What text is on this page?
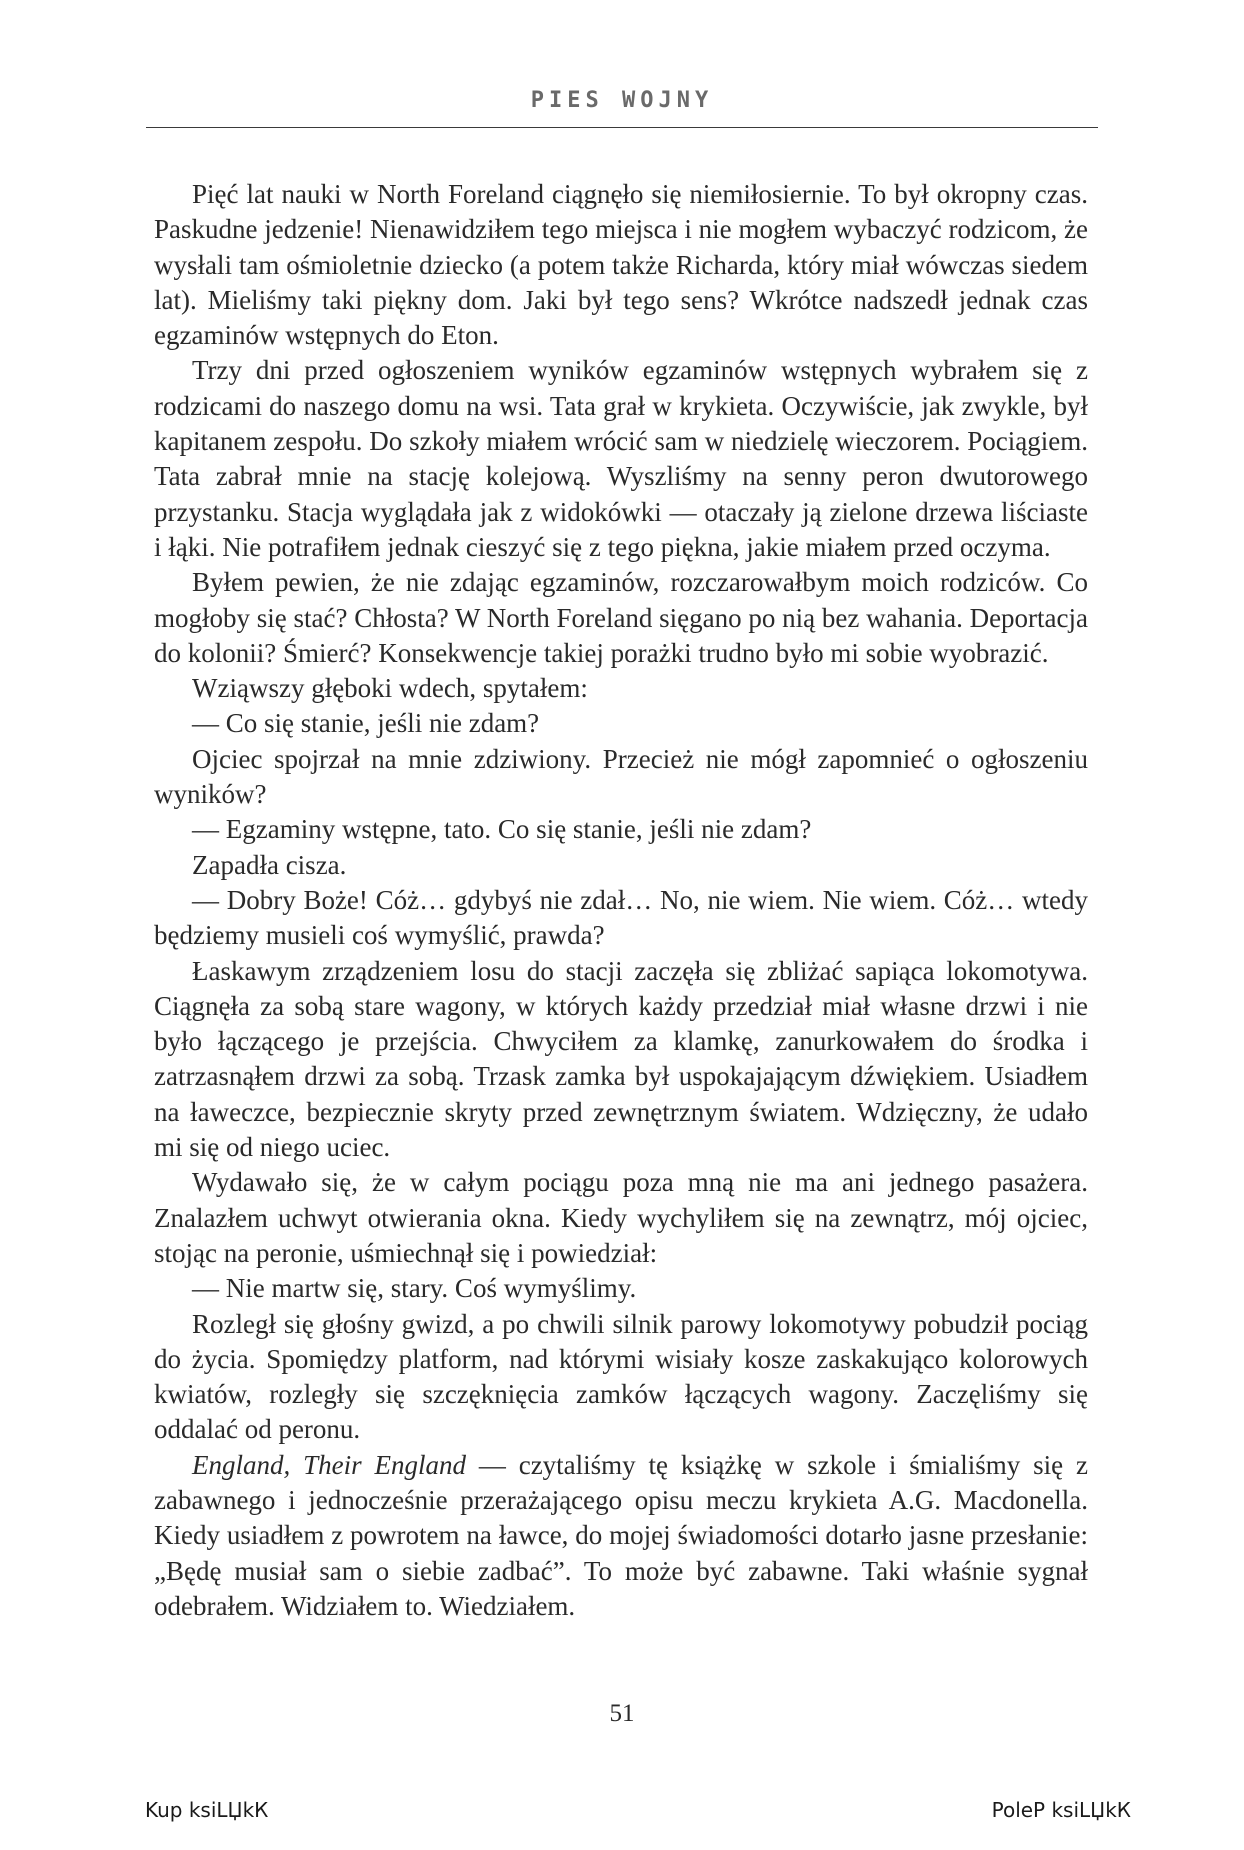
PIES WOJNY

Pięć lat nauki w North Foreland ciągnęło się niemiłosiernie. To był okropny czas. Paskudne jedzenie! Nienawidziłem tego miejsca i nie mogłem wybaczyć rodzicom, że wysłali tam ośmioletnie dziecko (a potem także Richarda, który miał wówczas siedem lat). Mieliśmy taki piękny dom. Jaki był tego sens? Wkrótce nadszedł jednak czas egzaminów wstępnych do Eton.

Trzy dni przed ogłoszeniem wyników egzaminów wstępnych wybrałem się z rodzicami do naszego domu na wsi. Tata grał w krykieta. Oczywiście, jak zwykle, był kapitanem zespołu. Do szkoły miałem wrócić sam w niedzielę wieczorem. Pociągiem. Tata zabrał mnie na stację kolejową. Wyszliśmy na senny peron dwutorowego przystanku. Stacja wyglądała jak z widokówki — otaczały ją zielone drzewa liściaste i łąki. Nie potrafiłem jednak cieszyć się z tego piękna, jakie miałem przed oczyma.

Byłem pewien, że nie zdając egzaminów, rozczarowałbym moich rodziców. Co mogłoby się stać? Chłosta? W North Foreland sięgano po nią bez wahania. Deportacja do kolonii? Śmierć? Konsekwencje takiej porażki trudno było mi sobie wyobrazić.

Wziąwszy głęboki wdech, spytałem:

— Co się stanie, jeśli nie zdam?

Ojciec spojrzał na mnie zdziwiony. Przecież nie mógł zapomnieć o ogłoszeniu wyników?

— Egzaminy wstępne, tato. Co się stanie, jeśli nie zdam?

Zapadła cisza.

— Dobry Boże! Cóż… gdybyś nie zdał… No, nie wiem. Nie wiem. Cóż… wtedy będziemy musieli coś wymyślić, prawda?

Łaskawym zrządzeniem losu do stacji zaczęła się zbliżać sapiąca lokomotywa. Ciągnęła za sobą stare wagony, w których każdy przedział miał własne drzwi i nie było łączącego je przejścia. Chwyciłem za klamkę, zanurkowałem do środka i zatrzasnąłem drzwi za sobą. Trzask zamka był uspokajającym dźwiękiem. Usiadłem na ławeczce, bezpiecznie skryty przed zewnętrznym światem. Wdzięczny, że udało mi się od niego uciec.

Wydawało się, że w całym pociągu poza mną nie ma ani jednego pasażera. Znalazłem uchwyt otwierania okna. Kiedy wychyliłem się na zewnątrz, mój ojciec, stojąc na peronie, uśmiechnął się i powiedział:

— Nie martw się, stary. Coś wymyślimy.

Rozległ się głośny gwizd, a po chwili silnik parowy lokomotywy pobudził pociąg do życia. Spomiędzy platform, nad którymi wisiały kosze zaskakująco kolorowych kwiatów, rozległy się szczęknięcia zamków łączących wagony. Zaczęliśmy się oddalać od peronu.

England, Their England — czytaliśmy tę książkę w szkole i śmialiśmy się z zabawnego i jednocześnie przerażającego opisu meczu krykieta A.G. Macdonella. Kiedy usiadłem z powrotem na ławce, do mojej świadomości dotarło jasne przesłanie: „Będę musiał sam o siebie zadbać”. To może być zabawne. Taki właśnie sygnał odebrałem. Widziałem to. Wiedziałem.

51
Kup ksiLЏkК	PoleР ksiLЏkК
